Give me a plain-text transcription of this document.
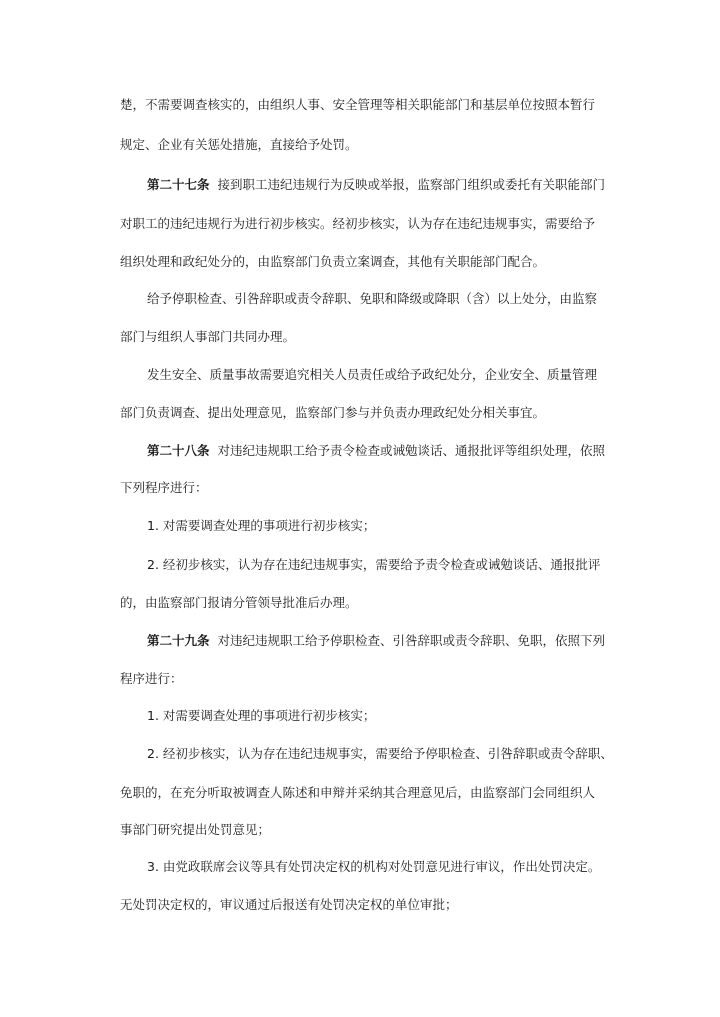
楚，不需要调查核实的，由组织人事、安全管理等相关职能部门和基层单位按照本暂行
规定、企业有关惩处措施，直接给予处罚。
第二十七条 接到职工违纪违规行为反映或举报，监察部门组织或委托有关职能部门
对职工的违纪违规行为进行初步核实。经初步核实，认为存在违纪违规事实，需要给予
组织处理和政纪处分的，由监察部门负责立案调查，其他有关职能部门配合。
给予停职检查、引咎辞职或责令辞职、免职和降级或降职（含）以上处分，由监察
部门与组织人事部门共同办理。
发生安全、质量事故需要追究相关人员责任或给予政纪处分，企业安全、质量管理
部门负责调查、提出处理意见，监察部门参与并负责办理政纪处分相关事宜。
第二十八条 对违纪违规职工给予责令检查或诫勉谈话、通报批评等组织处理，依照
下列程序进行：
1. 对需要调查处理的事项进行初步核实；
2. 经初步核实，认为存在违纪违规事实，需要给予责令检查或诫勉谈话、通报批评
的，由监察部门报请分管领导批准后办理。
第二十九条 对违纪违规职工给予停职检查、引咎辞职或责令辞职、免职，依照下列
程序进行：
1. 对需要调查处理的事项进行初步核实；
2. 经初步核实，认为存在违纪违规事实，需要给予停职检查、引咎辞职或责令辞职、
免职的，在充分听取被调查人陈述和申辩并采纳其合理意见后，由监察部门会同组织人
事部门研究提出处罚意见；
3. 由党政联席会议等具有处罚决定权的机构对处罚意见进行审议，作出处罚决定。
无处罚决定权的，审议通过后报送有处罚决定权的单位审批；
